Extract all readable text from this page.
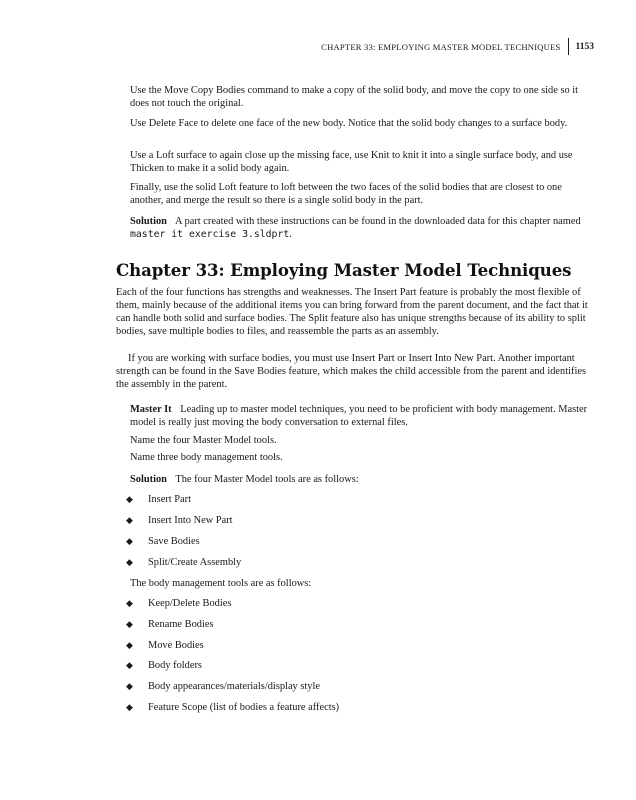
CHAPTER 33: EMPLOYING MASTER MODEL TECHNIQUES	1153

Use the Move Copy Bodies command to make a copy of the solid body, and move the copy to one side so it does not touch the original.

Use Delete Face to delete one face of the new body. Notice that the solid body changes to a surface body.

Use a Loft surface to again close up the missing face, use Knit to knit it into a single surface body, and use Thicken to make it a solid body again.

Finally, use the solid Loft feature to loft between the two faces of the solid bodies that are closest to one another, and merge the result so there is a single solid body in the part.

Solution A part created with these instructions can be found in the downloaded data for this chapter named master it exercise 3.sldprt.

Chapter 33: Employing Master Model Techniques

Each of the four functions has strengths and weaknesses. The Insert Part feature is probably the most flexible of them, mainly because of the additional items you can bring forward from the parent document, and the fact that it can handle both solid and surface bodies. The Split feature also has unique strengths because of its ability to split bodies, save multiple bodies to files, and reassemble the parts as an assembly.

If you are working with surface bodies, you must use Insert Part or Insert Into New Part. Another important strength can be found in the Save Bodies feature, which makes the child accessible from the parent and identifies the assembly in the parent.

Master It Leading up to master model techniques, you need to be proficient with body management. Master model is really just moving the body conversation to external files.

Name the four Master Model tools.

Name three body management tools.

Solution The four Master Model tools are as follows:

◆	Insert Part
◆	Insert Into New Part
◆	Save Bodies
◆	Split/Create Assembly

The body management tools are as follows:

◆	Keep/Delete Bodies
◆	Rename Bodies
◆	Move Bodies
◆	Body folders
◆	Body appearances/materials/display style
◆	Feature Scope (list of bodies a feature affects)
